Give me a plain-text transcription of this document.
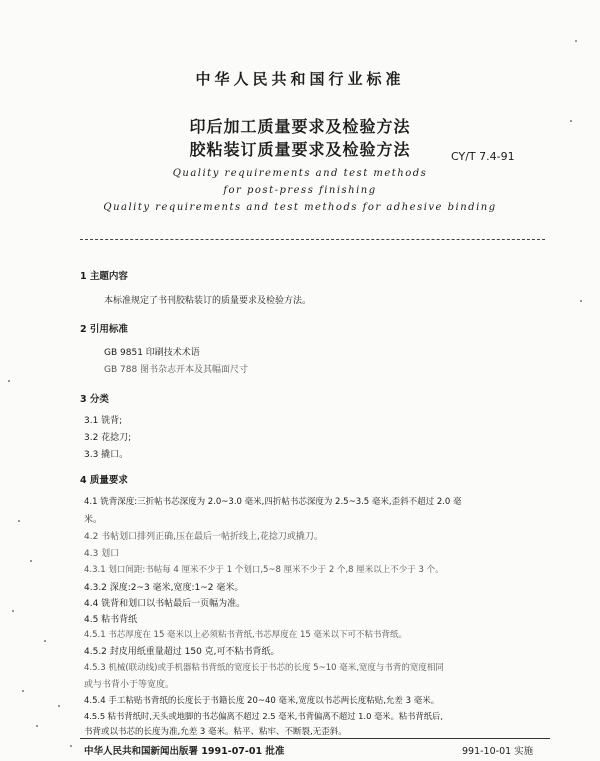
中华人民共和国行业标准
印后加工质量要求及检验方法
胶粘装订质量要求及检验方法	CY/T 7.4-91
Quality requirements and test methods
for post-press finishing
Quality requirements and test methods for adhesive binding
1 主题内容
本标准规定了书刊胶粘装订的质量要求及检验方法。
2 引用标准
GB 9851 印刷技术术语
GB 788 图书杂志开本及其幅面尺寸
3 分类
3.1 铣背;
3.2 花捻刀;
3.3 撬口。
4 质量要求
4.1 铣背深度:三折帖书芯深度为 2.0~3.0 毫米,四折帖书芯深度为 2.5~3.5 毫米,歪斜不超过 2.0 毫
米。
4.2 书帖划口排列正确,压在最后一帖折线上,花捻刀或撬刀。
4.3 划口
4.3.1 划口间距:书帖每 4 厘米不少于 1 个划口,5~8 厘米不少于 2 个,8 厘米以上不少于 3 个。
4.3.2 深度:2~3 毫米,宽度:1~2 毫米。
4.4 铣背和划口以书帖最后一页幅为准。
4.5 粘书背纸
4.5.1 书芯厚度在 15 毫米以上必须粘书背纸,书芯厚度在 15 毫米以下可不粘书背纸。
4.5.2 封皮用纸重量超过 150 克,可不粘书背纸。
4.5.3 机械(联动线)或手机器粘书背纸的宽度长于书芯的长度 5~10 毫米,宽度与书背的宽度相同
或与书背小于等宽度。
4.5.4 手工粘贴书背纸的长度长于书籍长度 20~40 毫米,宽度以书芯两长度粘贴,允差 3 毫米。
4.5.5 粘书背纸时,天头或地脚的书芯偏离不超过 2.5 毫米,书背偏离不超过 1.0 毫米。粘书背纸后,
书背或以书芯的长度为准,允差 3 毫米。粘平、粘牢、不断裂,无歪斜。
中华人民共和国新闻出版署 1991-07-01 批准	991-10-01 实施
